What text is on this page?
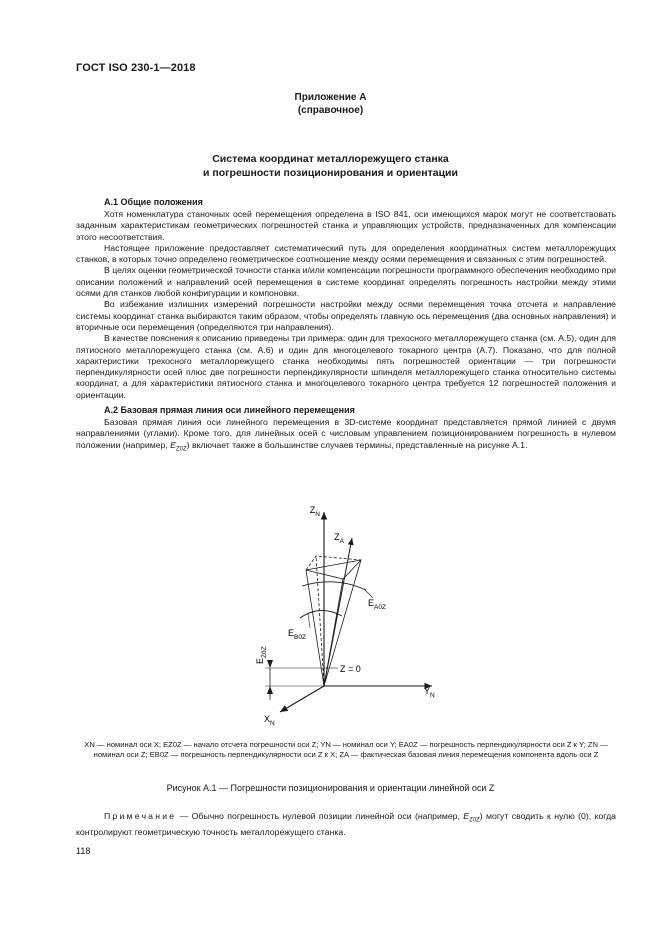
ГОСТ ISO 230-1—2018
Приложение А
(справочное)
Система координат металлорежущего станка
и погрешности позиционирования и ориентации
А.1 Общие положения

Хотя номенклатура станочных осей перемещения определена в ISO 841, оси имеющихся марок могут не соответствовать заданным характеристикам геометрических погрешностей станка и управляющих устройств, предназначенных для компенсации этого несоответствия.

Настоящее приложение предоставляет систематический путь для определения координатных систем металлорежущих станков, в которых точно определено геометрическое соотношение между осями перемещения и связанных с этим погрешностей.

В целях оценки геометрической точности станка и/или компенсации погрешности программного обеспечения необходимо при описании положений и направлений осей перемещения в системе координат определять погрешность настройки между этими осями для станков любой конфигурации и компоновки.

Во избежание излишних измерений погрешности настройки между осями перемещения точка отсчета и направление системы координат станка выбираются таким образом, чтобы определять главную ось перемещения (два основных направления) и вторичные оси перемещения (определяются три направления).

В качестве пояснения к описанию приведены три примера: один для трехосного металлорежущего станка (см. А.5), один для пятиосного металлорежущего станка (см. А.6) и один для многоцелевого токарного центра (А.7). Показано, что для полной характеристики трехосного металлорежущего станка необходимы пять погрешностей ориентации — три погрешности перпендикулярности осей плюс две погрешности перпендикулярности шпинделя металлорежущего станка относительно системы координат, а для характеристики пятиосного станка и многоцелевого токарного центра требуется 12 погрешностей положения и ориентации.

А.2 Базовая прямая линия оси линейного перемещения

Базовая прямая линия оси линейного перемещения в 3D-системе координат представляется прямой линией с двумя направлениями (углами). Кроме того, для линейных осей с числовым управлением позиционированием погрешность в нулевом положении (например, $E_{Z0Z}$) включает также в большинстве случаев термины, представленные на рисунке А.1.

$Z_N$
$Z_A$
$E_{A0Z}$
$E_{B0Z}$
$E_{Z0Z}$
Z = 0
$Y_N$
$X_N$
XN — номинал оси X; EZ0Z — начало отсчета погрешности оси Z; YN — номинал оси Y; EA0Z — погрешность перпендикулярности оси Z к Y; ZN — номинал оси Z; EB0Z — погрешность перпендикулярности оси Z к X; ZA — фактическая базовая линия перемещения компонента вдоль оси Z
Рисунок А.1 — Погрешности позиционирования и ориентации линейной оси Z
Примечание — Обычно погрешность нулевой позиции линейной оси (например, $E_{Z0Z}$) могут сводить к нулю (0), когда контролируют геометрическую точность металлорежущего станка.
118
